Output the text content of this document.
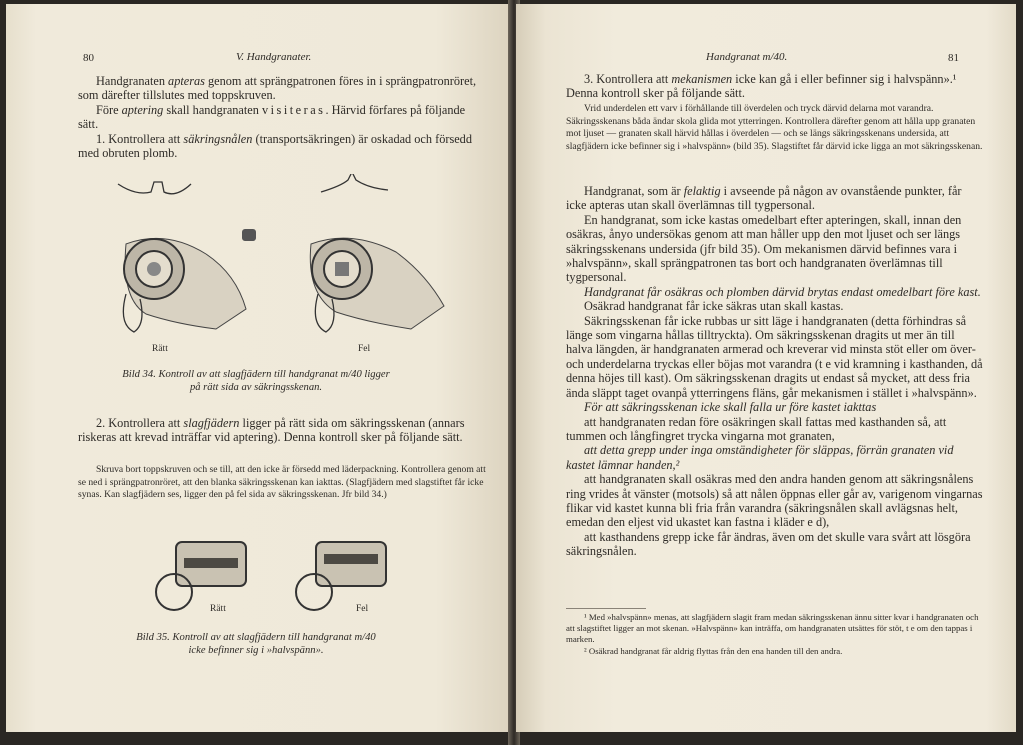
80	V. Handgranater.

Handgranaten apteras genom att sprängpatronen föres in i sprängpatronröret, som därefter tillslutes med toppskruven.

Före aptering skall handgranaten visiteras. Härvid förfares på följande sätt.

1. Kontrollera att säkringsnålen (transportsäkringen) är oskadad och försedd med obruten plomb.

Rätt	Fel
Bild 34. Kontroll av att slagfjädern till handgranat m/40 ligger
på rätt sida av säkringsskenan.

2. Kontrollera att slagfjädern ligger på rätt sida om säkringsskenan (annars riskeras att krevad inträffar vid aptering). Denna kontroll sker på följande sätt.

Skruva bort toppskruven och se till, att den icke är försedd med läderpackning. Kontrollera genom att se ned i sprängpatronröret, att den blanka säkringsskenan kan iakttas. (Slagfjädern med slagstiftet får icke synas. Kan slagfjädern ses, ligger den på fel sida av säkringsskenan. Jfr bild 34.)

Rätt	Fel
Bild 35. Kontroll av att slagfjädern till handgranat m/40
icke befinner sig i »halvspänn».
Handgranat m/40.	81

3. Kontrollera att mekanismen icke kan gå i eller befinner sig i halvspänn».¹ Denna kontroll sker på följande sätt.

Vrid underdelen ett varv i förhållande till överdelen och tryck därvid delarna mot varandra. Säkringsskenans båda ändar skola glida mot ytterringen. Kontrollera därefter genom att hålla upp granaten mot ljuset — granaten skall härvid hållas i överdelen — och se längs säkringsskenans undersida, att slagfjädern icke befinner sig i »halvspänn» (bild 35). Slagstiftet får därvid icke ligga an mot säkringsskenan.

Handgranat, som är felaktig i avseende på någon av ovanstående punkter, får icke apteras utan skall överlämnas till tygpersonal.

En handgranat, som icke kastas omedelbart efter apteringen, skall, innan den osäkras, ånyo undersökas genom att man håller upp den mot ljuset och ser längs säkringsskenans undersida (jfr bild 35). Om mekanismen därvid befinnes vara i »halvspänn», skall sprängpatronen tas bort och handgranaten överlämnas till tygpersonal.

Handgranat får osäkras och plomben därvid brytas endast omedelbart före kast.

Osäkrad handgranat får icke säkras utan skall kastas.

Säkringsskenan får icke rubbas ur sitt läge i handgranaten (detta förhindras så länge som vingarna hållas tilltryckta). Om säkringsskenan dragits ut mer än till halva längden, är handgranaten armerad och kreverar vid minsta stöt eller om över- och underdelarna tryckas eller böjas mot varandra (t e vid kramning i kasthanden, då denna höjes till kast). Om säkringsskenan dragits ut endast så mycket, att dess fria ända släppt taget ovanpå ytterringens fläns, går mekanismen i stället i »halvspänn».

För att säkringsskenan icke skall falla ur före kastet iakttas

att handgranaten redan före osäkringen skall fattas med kasthanden så, att tummen och långfingret trycka vingarna mot granaten,

att detta grepp under inga omständigheter för släppas, förrän granaten vid kastet lämnar handen,²

att handgranaten skall osäkras med den andra handen genom att säkringsnålens ring vrides åt vänster (motsols) så att nålen öppnas eller går av, varigenom vingarnas flikar vid kastet kunna bli fria från varandra (säkringsnålen skall avlägsnas helt, emedan den eljest vid ukastet kan fastna i kläder e d),

att kasthandens grepp icke får ändras, även om det skulle vara svårt att lösgöra säkringsnålen.

¹ Med »halvspänn» menas, att slagfjädern slagit fram medan säkringsskenan ännu sitter kvar i handgranaten och att slagstiftet ligger an mot skenan. »Halvspänn» kan inträffa, om handgranaten utsättes för stöt, t e om den tappas i marken.

² Osäkrad handgranat får aldrig flyttas från den ena handen till den andra.
